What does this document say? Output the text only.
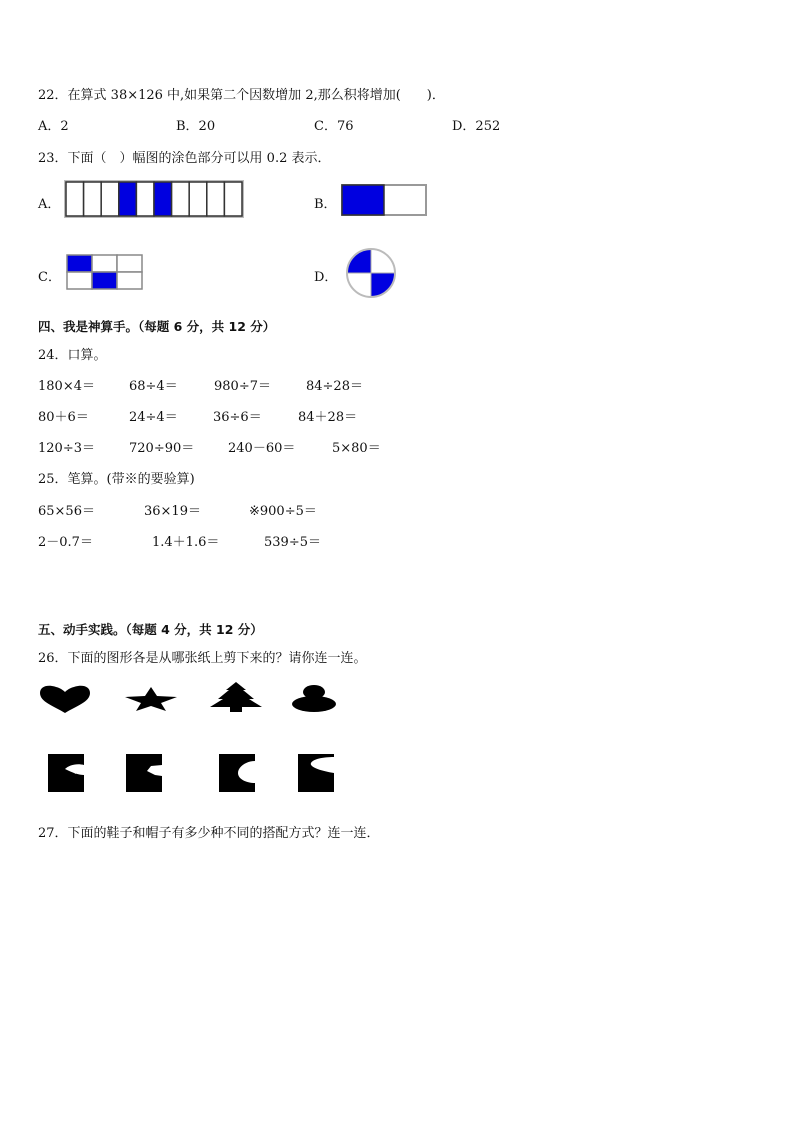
22．在算式 38×126 中,如果第二个因数增加 2,那么积将增加(　　)．
A．2	B．20	C．76	D．252
23．下面（　）幅图的涂色部分可以用 0.2 表示．
A．	B．
C．	D．
四、我是神算手。（每题 6 分，共 12 分）
24．口算。
180×4＝	68÷4＝	980÷7＝	84÷28＝
80＋6＝	24÷4＝	36÷6＝	84＋28＝
120÷3＝	720÷90＝	240－60＝	5×80＝
25．笔算。(带※的要验算)
65×56＝	36×19＝	※900÷5＝
2－0.7＝	1.4＋1.6＝	539÷5＝
五、动手实践。（每题 4 分，共 12 分）
26．下面的图形各是从哪张纸上剪下来的？请你连一连。
27．下面的鞋子和帽子有多少种不同的搭配方式？连一连．
